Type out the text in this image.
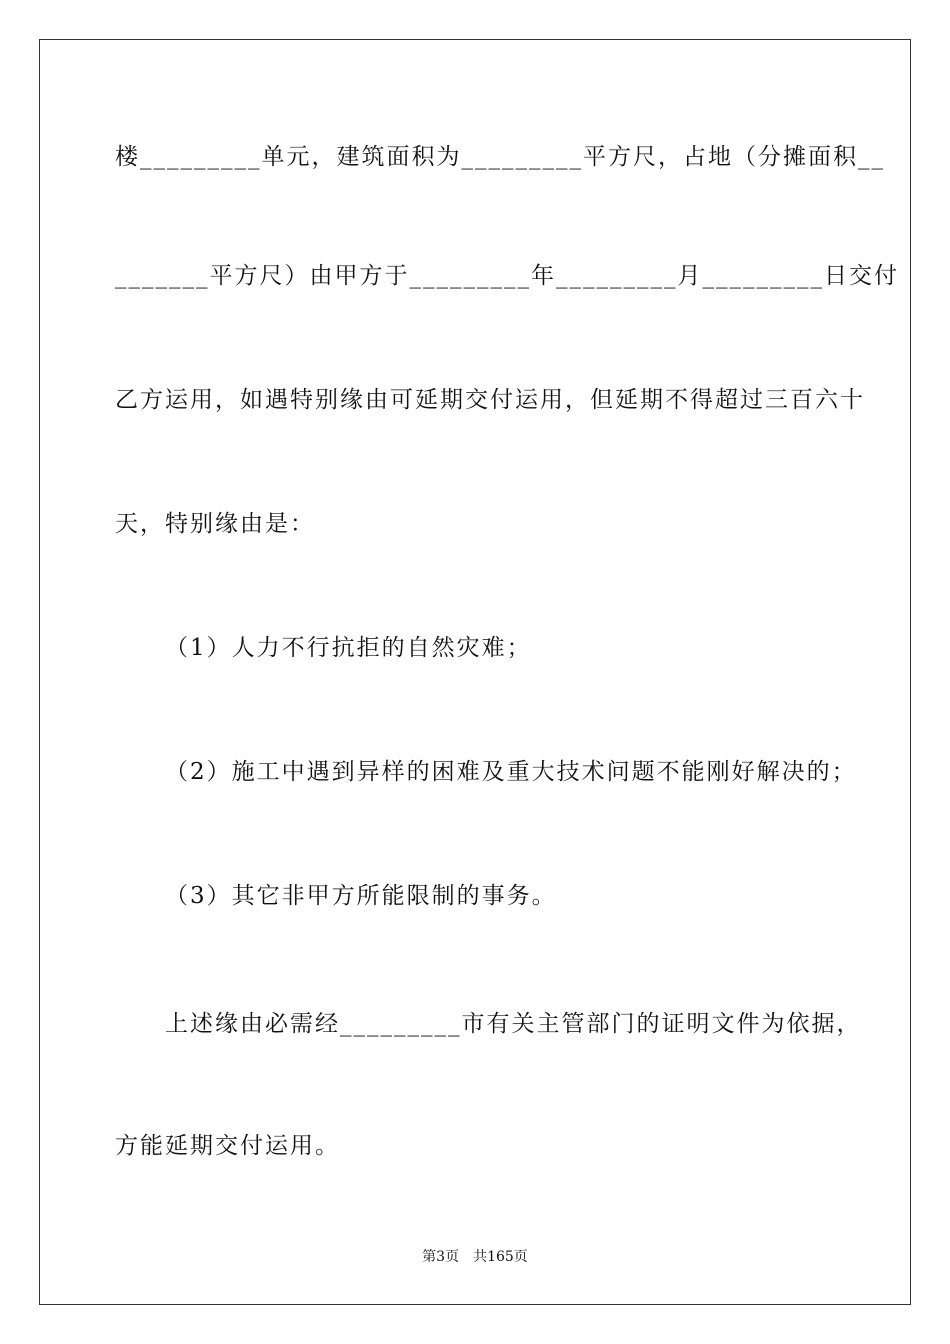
楼_________单元，建筑面积为_________平方尺，占地（分摊面积__
_______平方尺）由甲方于_________年_________月_________日交付
乙方运用，如遇特别缘由可延期交付运用，但延期不得超过三百六十
天，特别缘由是：
（1）人力不行抗拒的自然灾难；
（2）施工中遇到异样的困难及重大技术问题不能刚好解决的；
（3）其它非甲方所能限制的事务。
上述缘由必需经_________市有关主管部门的证明文件为依据，
方能延期交付运用。
第3页　共165页
